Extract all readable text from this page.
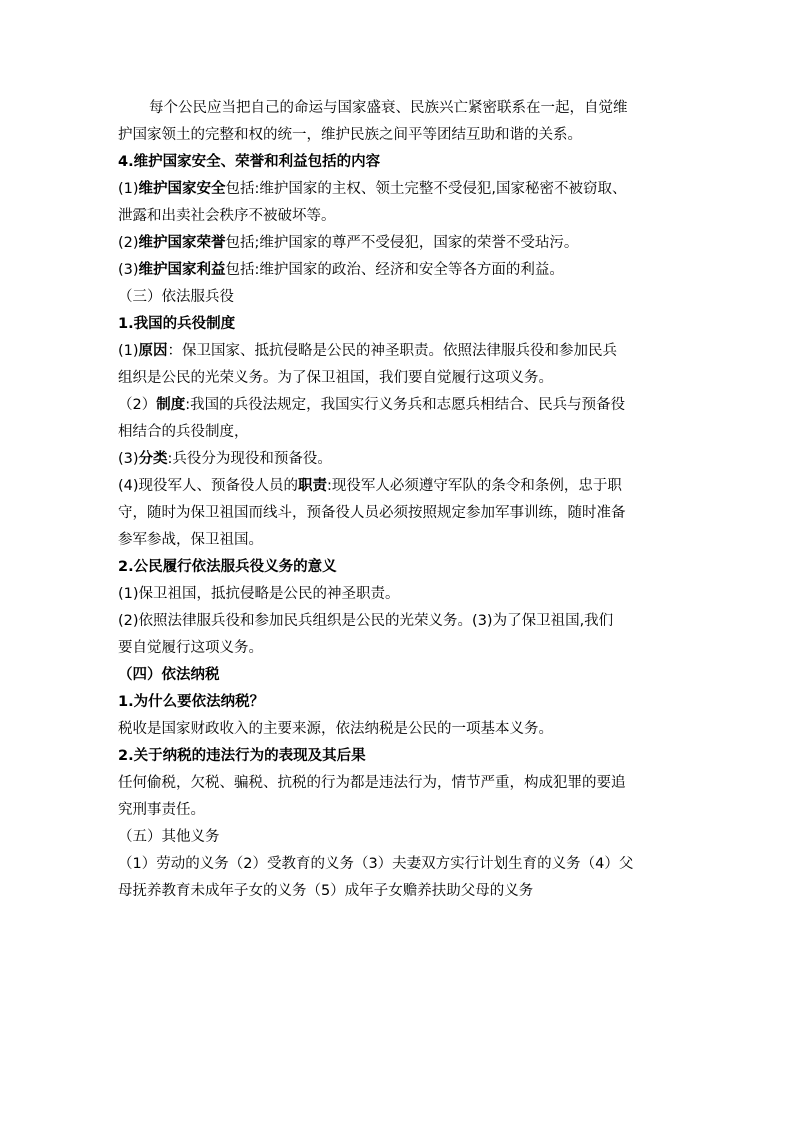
每个公民应当把自己的命运与国家盛衰、民族兴亡紧密联系在一起，自觉维
护国家领土的完整和权的统一，维护民族之间平等团结互助和谐的关系。
4.维护国家安全、荣誉和利益包括的内容
(1)维护国家安全包括:维护国家的主权、领土完整不受侵犯,国家秘密不被窃取、
泄露和出卖社会秩序不被破坏等。
(2)维护国家荣誉包括;维护国家的尊严不受侵犯，国家的荣誉不受玷污。
(3)维护国家利益包括:维护国家的政治、经济和安全等各方面的利益。
（三）依法服兵役
1.我国的兵役制度
(1)原因：保卫国家、抵抗侵略是公民的神圣职责。依照法律服兵役和参加民兵
组织是公民的光荣义务。为了保卫祖国，我们要自觉履行这项义务。
（2）制度:我国的兵役法规定，我国实行义务兵和志愿兵相结合、民兵与预备役
相结合的兵役制度，
(3)分类:兵役分为现役和预备役。
(4)现役军人、预备役人员的职责:现役军人必须遵守军队的条令和条例，忠于职
守，随时为保卫祖国而线斗，预备役人员必须按照规定参加军事训练，随时准备
参军参战，保卫祖国。
2.公民履行依法服兵役义务的意义
(1)保卫祖国，抵抗侵略是公民的神圣职责。
(2)依照法律服兵役和参加民兵组织是公民的光荣义务。(3)为了保卫祖国,我们
要自觉履行这项义务。
（四）依法纳税
1.为什么要依法纳税？
税收是国家财政收入的主要来源，依法纳税是公民的一项基本义务。
2.关于纳税的违法行为的表现及其后果
任何偷税，欠税、骗税、抗税的行为都是违法行为，情节严重，构成犯罪的要追
究刑事责任。
（五）其他义务
（1）劳动的义务（2）受教育的义务（3）夫妻双方实行计划生育的义务（4）父
母抚养教育未成年子女的义务（5）成年子女赡养扶助父母的义务
